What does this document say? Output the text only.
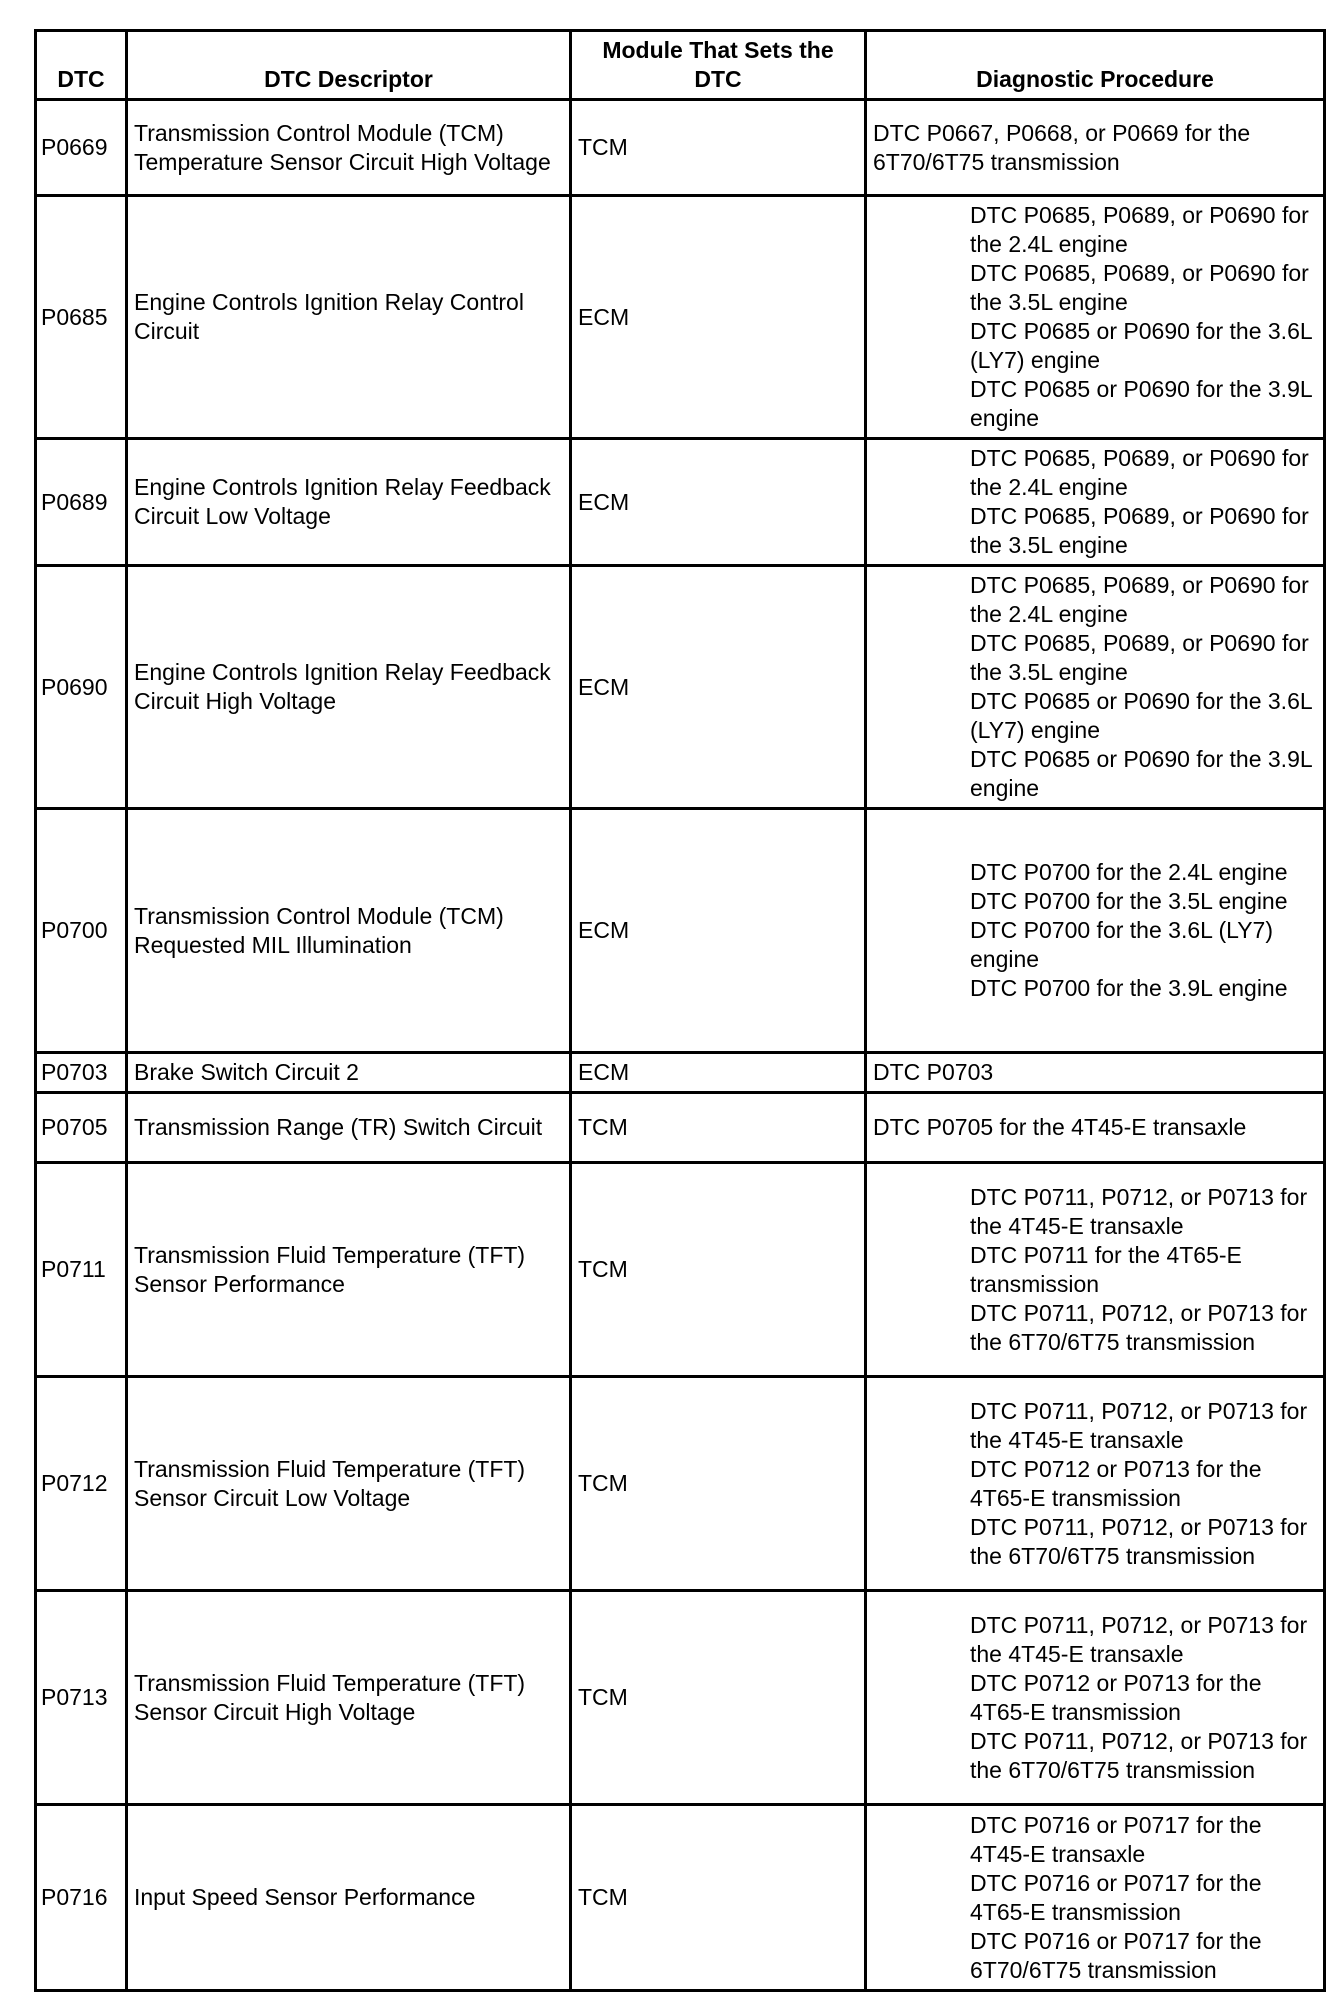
DTC	DTC Descriptor	Module That Sets the DTC	Diagnostic Procedure
P0669	Transmission Control Module (TCM) Temperature Sensor Circuit High Voltage	TCM	DTC P0667, P0668, or P0669 for the 6T70/6T75 transmission

P0685	Engine Controls Ignition Relay Control Circuit	ECM	DTC P0685, P0689, or P0690 for the 2.4L engine
DTC P0685, P0689, or P0690 for the 3.5L engine
DTC P0685 or P0690 for the 3.6L (LY7) engine
DTC P0685 or P0690 for the 3.9L engine

P0689	Engine Controls Ignition Relay Feedback Circuit Low Voltage	ECM	DTC P0685, P0689, or P0690 for the 2.4L engine
DTC P0685, P0689, or P0690 for the 3.5L engine

P0690	Engine Controls Ignition Relay Feedback Circuit High Voltage	ECM	DTC P0685, P0689, or P0690 for the 2.4L engine
DTC P0685, P0689, or P0690 for the 3.5L engine
DTC P0685 or P0690 for the 3.6L (LY7) engine
DTC P0685 or P0690 for the 3.9L engine

P0700	Transmission Control Module (TCM) Requested MIL Illumination	ECM	DTC P0700 for the 2.4L engine
DTC P0700 for the 3.5L engine
DTC P0700 for the 3.6L (LY7) engine
DTC P0700 for the 3.9L engine

P0703	Brake Switch Circuit 2	ECM	DTC P0703

P0705	Transmission Range (TR) Switch Circuit	TCM	DTC P0705 for the 4T45-E transaxle

P0711	Transmission Fluid Temperature (TFT) Sensor Performance	TCM	DTC P0711, P0712, or P0713 for the 4T45-E transaxle
DTC P0711 for the 4T65-E transmission
DTC P0711, P0712, or P0713 for the 6T70/6T75 transmission

P0712	Transmission Fluid Temperature (TFT) Sensor Circuit Low Voltage	TCM	DTC P0711, P0712, or P0713 for the 4T45-E transaxle
DTC P0712 or P0713 for the 4T65-E transmission
DTC P0711, P0712, or P0713 for the 6T70/6T75 transmission

P0713	Transmission Fluid Temperature (TFT) Sensor Circuit High Voltage	TCM	DTC P0711, P0712, or P0713 for the 4T45-E transaxle
DTC P0712 or P0713 for the 4T65-E transmission
DTC P0711, P0712, or P0713 for the 6T70/6T75 transmission

P0716	Input Speed Sensor Performance	TCM	DTC P0716 or P0717 for the 4T45-E transaxle
DTC P0716 or P0717 for the 4T65-E transmission
DTC P0716 or P0717 for the 6T70/6T75 transmission
